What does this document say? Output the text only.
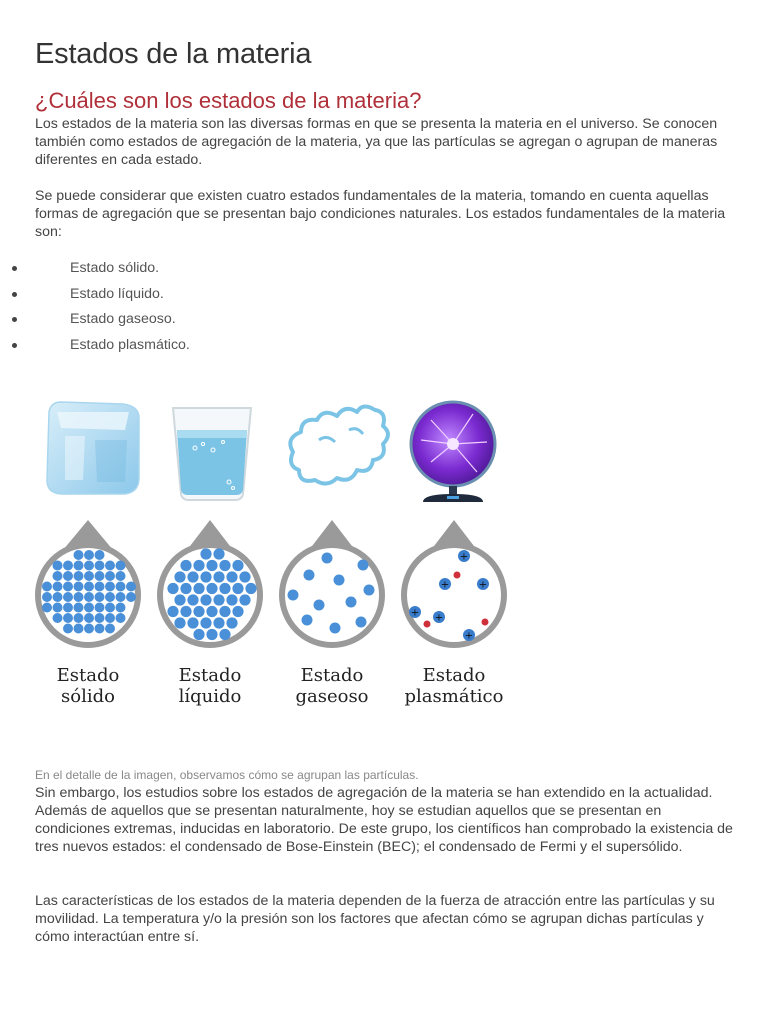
Estados de la materia
¿Cuáles son los estados de la materia?

Los estados de la materia son las diversas formas en que se presenta la materia en el universo. Se conocen también como estados de agregación de la materia, ya que las partículas se agregan o agrupan de maneras diferentes en cada estado.

Se puede considerar que existen cuatro estados fundamentales de la materia, tomando en cuenta aquellas formas de agregación que se presentan bajo condiciones naturales. Los estados fundamentales de la materia son:

Estado sólido.
Estado líquido.
Estado gaseoso.
Estado plasmático.
Estado
sólido
Estado
líquido
Estado
gaseoso
+
+	+
+ +
+
Estado
plasmático

En el detalle de la imagen, observamos cómo se agrupan las partículas.

Sin embargo, los estudios sobre los estados de agregación de la materia se han extendido en la actualidad. Además de aquellos que se presentan naturalmente, hoy se estudian aquellos que se presentan en condiciones extremas, inducidas en laboratorio. De este grupo, los científicos han comprobado la existencia de tres nuevos estados: el condensado de Bose-Einstein (BEC); el condensado de Fermi y el supersólido.

Las características de los estados de la materia dependen de la fuerza de atracción entre las partículas y su movilidad. La temperatura y/o la presión son los factores que afectan cómo se agrupan dichas partículas y cómo interactúan entre sí.
